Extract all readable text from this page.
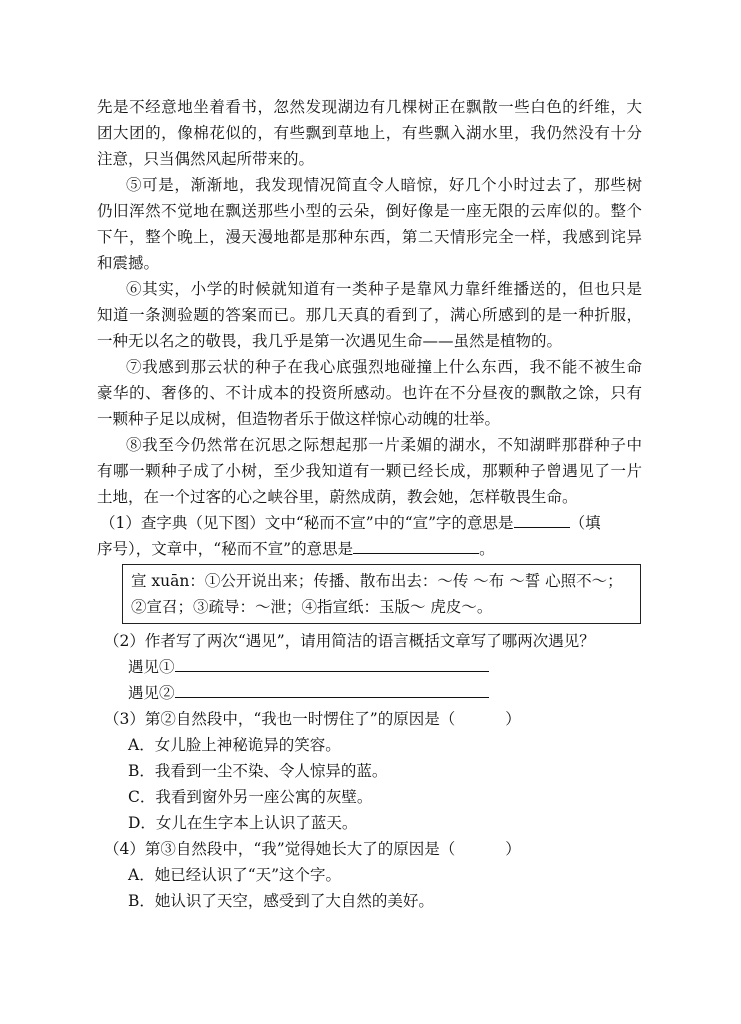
先是不经意地坐着看书，忽然发现湖边有几棵树正在飘散一些白色的纤维，大
团大团的，像棉花似的，有些飘到草地上，有些飘入湖水里，我仍然没有十分
注意，只当偶然风起所带来的。
⑤可是，渐渐地，我发现情况简直令人暗惊，好几个小时过去了，那些树
仍旧浑然不觉地在飘送那些小型的云朵，倒好像是一座无限的云库似的。整个
下午，整个晚上，漫天漫地都是那种东西，第二天情形完全一样，我感到诧异
和震撼。
⑥其实，小学的时候就知道有一类种子是靠风力靠纤维播送的，但也只是
知道一条测验题的答案而已。那几天真的看到了，满心所感到的是一种折服，
一种无以名之的敬畏，我几乎是第一次遇见生命——虽然是植物的。
⑦我感到那云状的种子在我心底强烈地碰撞上什么东西，我不能不被生命
豪华的、奢侈的、不计成本的投资所感动。也许在不分昼夜的飘散之馀，只有
一颗种子足以成树，但造物者乐于做这样惊心动魄的壮举。
⑧我至今仍然常在沉思之际想起那一片柔媚的湖水，不知湖畔那群种子中
有哪一颗种子成了小树，至少我知道有一颗已经长成，那颗种子曾遇见了一片
土地，在一个过客的心之峡谷里，蔚然成荫，教会她，怎样敬畏生命。
（1）查字典（见下图）文中“秘而不宣”中的“宣”字的意思是	（填
序号），文章中，“秘而不宣”的意思是	。
宣 xuān：①公开说出来；传播、散布出去：～传 ～布 ～誓 心照不～；
②宣召；③疏导：～泄；④指宣纸：玉版～ 虎皮～。
（2）作者写了两次“遇见”，请用简洁的语言概括文章写了哪两次遇见？
遇见①
遇见②
（3）第②自然段中，“我也一时愣住了”的原因是（	）
A．女儿脸上神秘诡异的笑容。
B．我看到一尘不染、令人惊异的蓝。
C．我看到窗外另一座公寓的灰壁。
D．女儿在生字本上认识了蓝天。
（4）第③自然段中，“我”觉得她长大了的原因是（	）
A．她已经认识了“天”这个字。
B．她认识了天空，感受到了大自然的美好。
